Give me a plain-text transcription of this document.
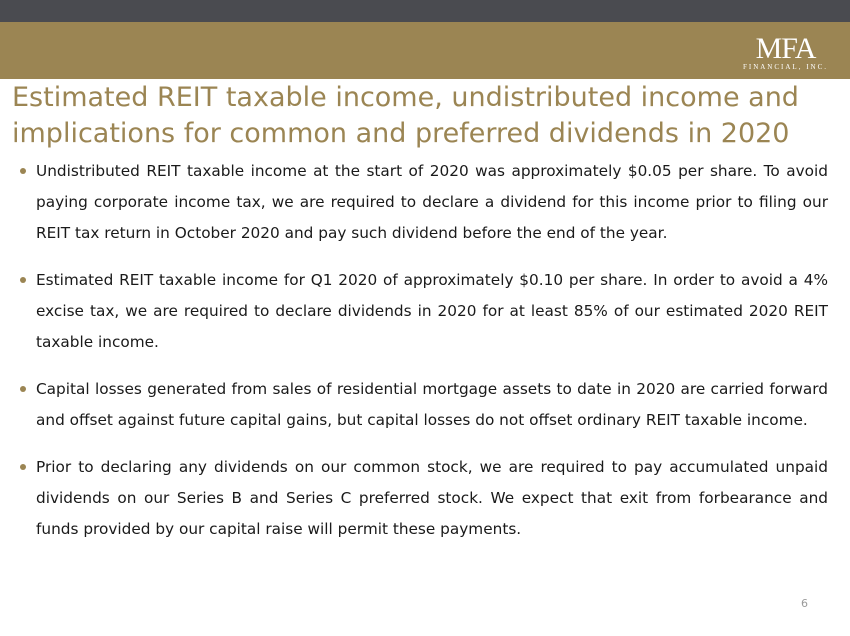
MFA
FINANCIAL, INC.
Estimated REIT taxable income, undistributed income and implications for common and preferred dividends in 2020
Undistributed REIT taxable income at the start of 2020 was approximately $0.05 per share. To avoid paying corporate income tax, we are required to declare a dividend for this income prior to filing our REIT tax return in October 2020 and pay such dividend before the end of the year.
Estimated REIT taxable income for Q1 2020 of approximately $0.10 per share. In order to avoid a 4% excise tax, we are required to declare dividends in 2020 for at least 85% of our estimated 2020 REIT taxable income.
Capital losses generated from sales of residential mortgage assets to date in 2020 are carried forward and offset against future capital gains, but capital losses do not offset ordinary REIT taxable income.
Prior to declaring any dividends on our common stock, we are required to pay accumulated unpaid dividends on our Series B and Series C preferred stock. We expect that exit from forbearance and funds provided by our capital raise will permit these payments.
6
